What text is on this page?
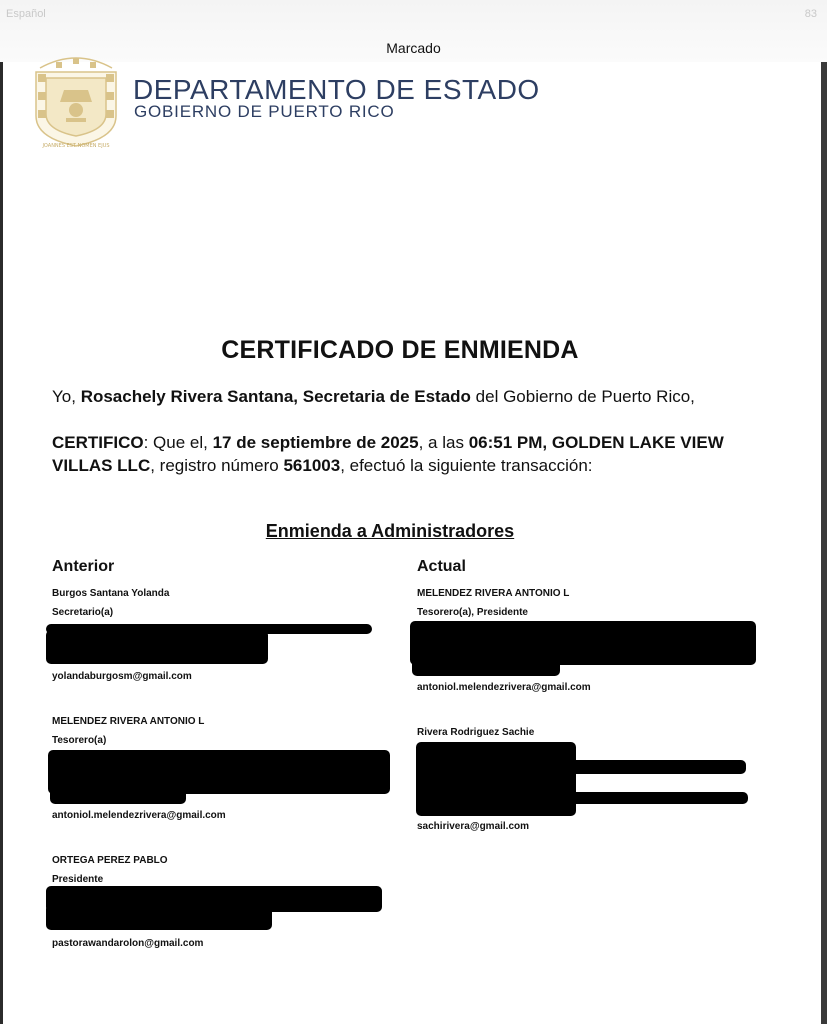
Español	83
Marcado
JOANNES EST NOMEN EJUS
DEPARTAMENTO DE ESTADO
GOBIERNO DE PUERTO RICO
CERTIFICADO DE ENMIENDA
Yo, Rosachely Rivera Santana, Secretaria de Estado del Gobierno de Puerto Rico,
CERTIFICO: Que el, 17 de septiembre de 2025, a las 06:51 PM, GOLDEN LAKE VIEW VILLAS LLC, registro número 561003, efectuó la siguiente transacción:
Enmienda a Administradores
Anterior	Actual
Burgos Santana Yolanda
Secretario(a)
yolandaburgosm@gmail.com
MELENDEZ RIVERA ANTONIO L
Tesorero(a)
antoniol.melendezrivera@gmail.com
ORTEGA PEREZ PABLO
Presidente
pastorawandarolon@gmail.com
MELENDEZ RIVERA ANTONIO L
Tesorero(a), Presidente
antoniol.melendezrivera@gmail.com
Rivera Rodriguez Sachie
sachirivera@gmail.com
